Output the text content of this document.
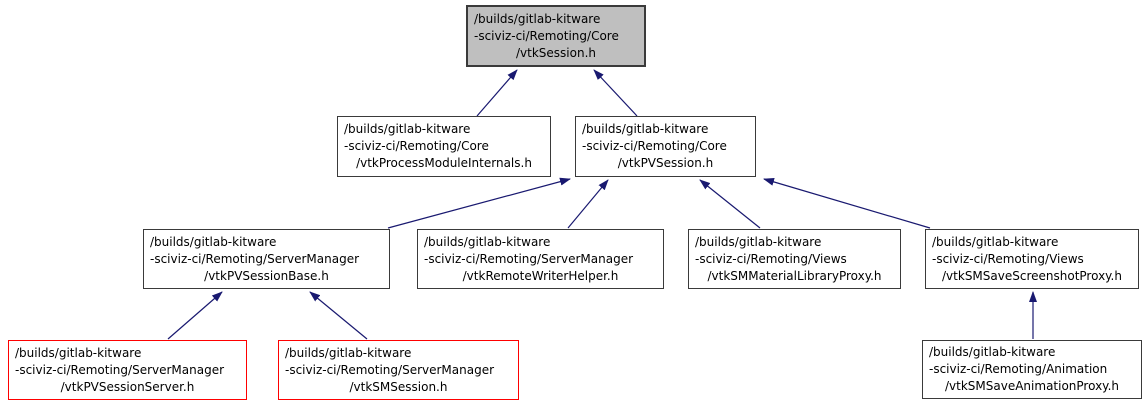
/builds/gitlab-kitware
-sciviz-ci/Remoting/Core
/vtkSession.h
/builds/gitlab-kitware
-sciviz-ci/Remoting/Core
/vtkProcessModuleInternals.h
/builds/gitlab-kitware
-sciviz-ci/Remoting/Core
/vtkPVSession.h
/builds/gitlab-kitware
-sciviz-ci/Remoting/ServerManager
/vtkPVSessionBase.h
/builds/gitlab-kitware
-sciviz-ci/Remoting/ServerManager
/vtkRemoteWriterHelper.h
/builds/gitlab-kitware
-sciviz-ci/Remoting/Views
/vtkSMMaterialLibraryProxy.h
/builds/gitlab-kitware
-sciviz-ci/Remoting/Views
/vtkSMSaveScreenshotProxy.h
/builds/gitlab-kitware
-sciviz-ci/Remoting/ServerManager
/vtkPVSessionServer.h
/builds/gitlab-kitware
-sciviz-ci/Remoting/ServerManager
/vtkSMSession.h
/builds/gitlab-kitware
-sciviz-ci/Remoting/Animation
/vtkSMSaveAnimationProxy.h
